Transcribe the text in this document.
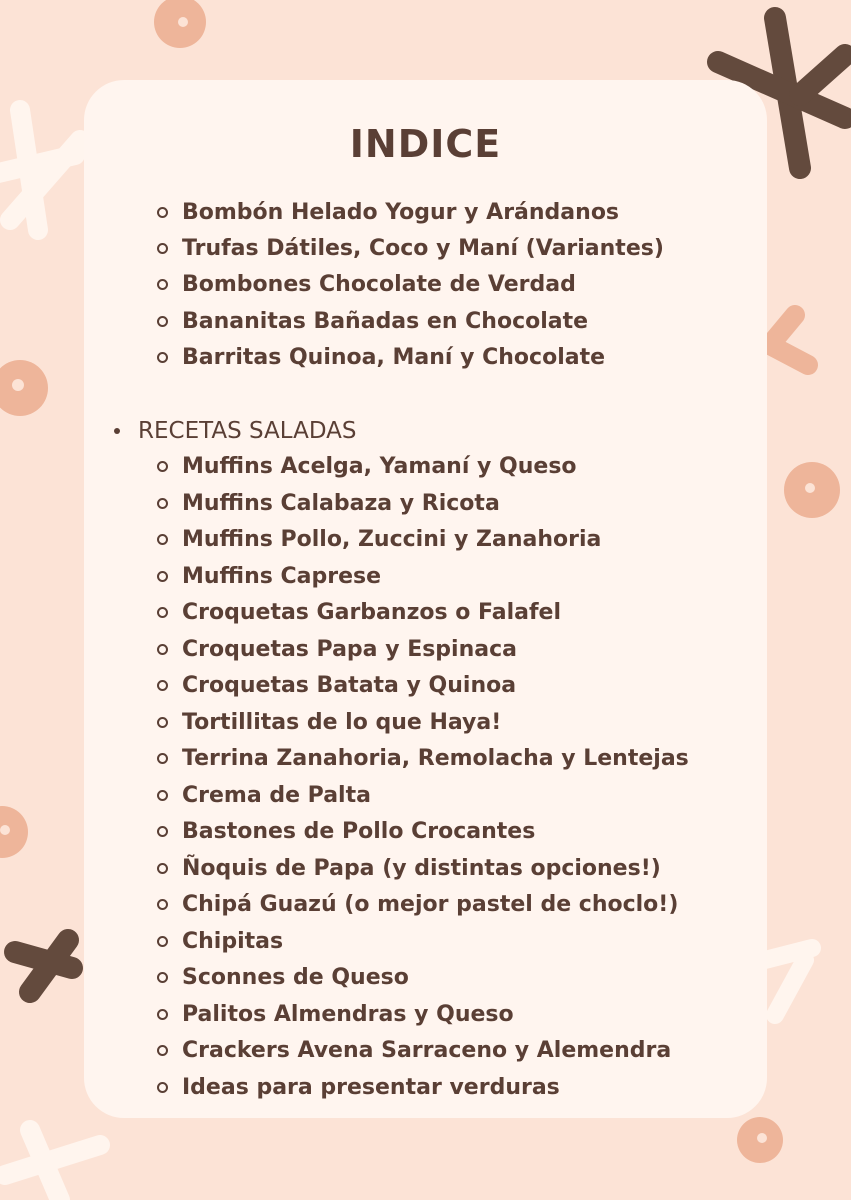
INDICE
Bombón Helado Yogur y Arándanos
Trufas Dátiles, Coco y Maní (Variantes)
Bombones Chocolate de Verdad
Bananitas Bañadas en Chocolate
Barritas Quinoa, Maní y Chocolate
RECETAS SALADAS
Muffins Acelga, Yamaní y Queso
Muffins Calabaza y Ricota
Muffins Pollo, Zuccini y Zanahoria
Muffins Caprese
Croquetas Garbanzos o Falafel
Croquetas Papa y Espinaca
Croquetas Batata y Quinoa
Tortillitas de lo que Haya!
Terrina Zanahoria, Remolacha y Lentejas
Crema de Palta
Bastones de Pollo Crocantes
Ñoquis de Papa (y distintas opciones!)
Chipá Guazú (o mejor pastel de choclo!)
Chipitas
Sconnes de Queso
Palitos Almendras y Queso
Crackers Avena Sarraceno y Alemendra
Ideas para presentar verduras
